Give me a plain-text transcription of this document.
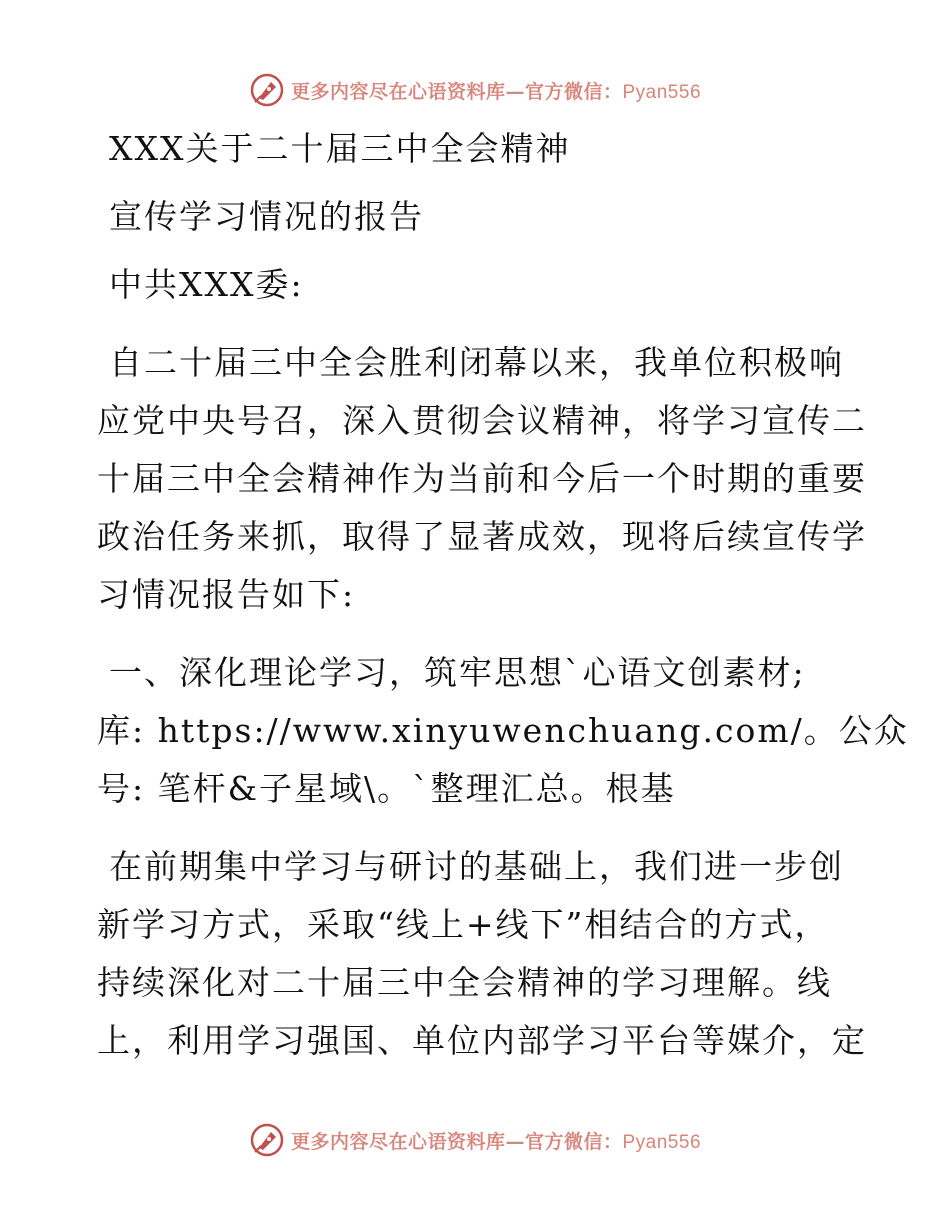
更多内容尽在心语资料库—官方微信：Pyan556
XXX关于二十届三中全会精神
宣传学习情况的报告
中共XXX委:
自二十届三中全会胜利闭幕以来，我单位积极响
应党中央号召，深入贯彻会议精神，将学习宣传二
十届三中全会精神作为当前和今后一个时期的重要
政治任务来抓，取得了显著成效，现将后续宣传学
习情况报告如下:
一、深化理论学习，筑牢思想`心语文创素材;
库: https://www.xinyuwenchuang.com/。公众
号: 笔杆&子星域\。`整理汇总。根基
在前期集中学习与研讨的基础上，我们进一步创
新学习方式，采取“线上+线下”相结合的方式，
持续深化对二十届三中全会精神的学习理解。线
上，利用学习强国、单位内部学习平台等媒介，定
更多内容尽在心语资料库—官方微信：Pyan556
